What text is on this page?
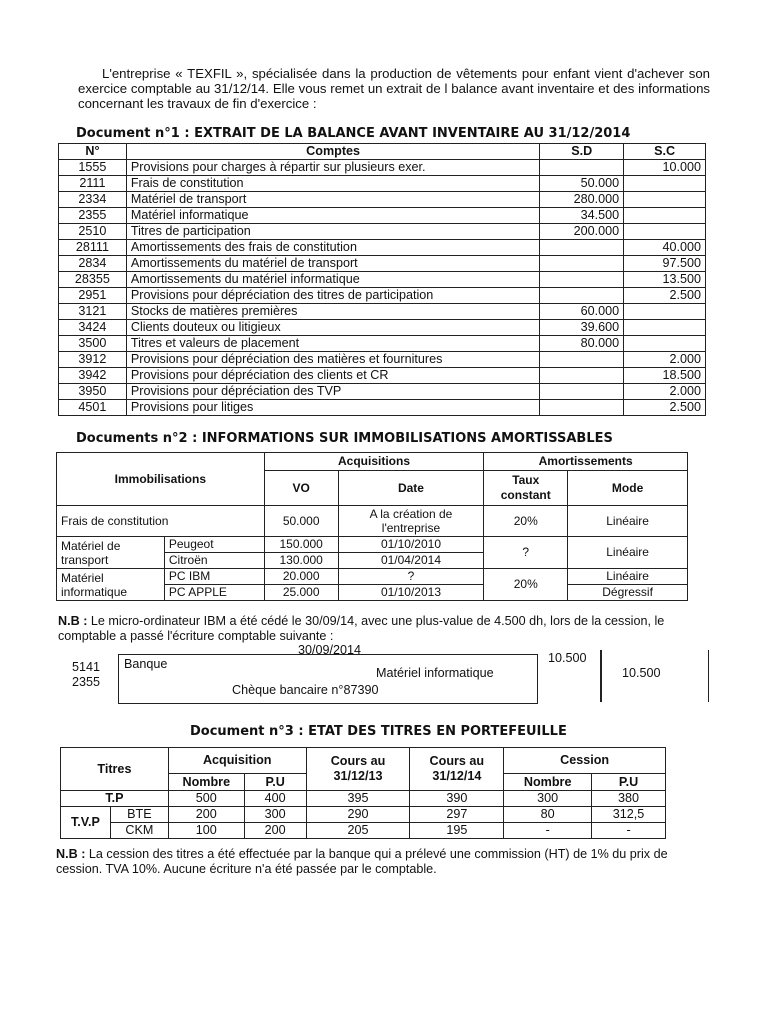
L'entreprise « TEXFIL », spécialisée dans la production de vêtements pour enfant vient d'achever son exercice comptable au 31/12/14. Elle vous remet un extrait de l balance avant inventaire et des informations concernant les travaux de fin d'exercice :

Document n°1 : EXTRAIT DE LA BALANCE AVANT INVENTAIRE AU 31/12/2014
N°	Comptes	S.D	S.C
1555	Provisions pour charges à répartir sur plusieurs exer.		10.000
2111	Frais de constitution	50.000	
2334	Matériel de transport	280.000	
2355	Matériel informatique	34.500	
2510	Titres de participation	200.000	
28111	Amortissements des frais de constitution		40.000
2834	Amortissements du matériel de transport		97.500
28355	Amortissements du matériel informatique		13.500
2951	Provisions pour dépréciation des titres de participation		2.500
3121	Stocks de matières premières	60.000	
3424	Clients douteux ou litigieux	39.600	
3500	Titres et valeurs de placement	80.000	
3912	Provisions pour dépréciation des matières et fournitures		2.000
3942	Provisions pour dépréciation des clients et CR		18.500
3950	Provisions pour dépréciation des TVP		2.000
4501	Provisions pour litiges		2.500
Documents n°2 : INFORMATIONS SUR IMMOBILISATIONS AMORTISSABLES
Immobilisations		Acquisitions		Amortissements	
		VO	Date	Taux constant	Mode
Frais de constitution		50.000	A la création de l'entreprise	20%	Linéaire
Matériel de transport	Peugeot	150.000	01/10/2010	?	Linéaire
	Citroën	130.000	01/04/2014		
Matériel informatique	PC IBM	20.000	?	20%	Linéaire
	PC APPLE	25.000	01/10/2013		Dégressif
N.B : Le micro-ordinateur IBM a été cédé le 30/09/14, avec une plus-value de 4.500 dh, lors de la cession, le comptable a passé l'écriture comptable suivante :
30/09/2014
5141
2355
Banque
Matériel informatique
Chèque bancaire n°87390
10.500
10.500
Document n°3 : ETAT DES TITRES EN PORTEFEUILLE
Titres		Acquisition		Cours au 31/12/13	Cours au 31/12/14	Cession	
		Nombre	P.U			Nombre	P.U
T.P		500	400	395	390	300	380
T.V.P	BTE	200	300	290	297	80	312,5
	CKM	100	200	205	195	-	-
N.B : La cession des titres a été effectuée par la banque qui a prélevé une commission (HT) de 1% du prix de cession. TVA 10%. Aucune écriture n'a été passée par le comptable.
